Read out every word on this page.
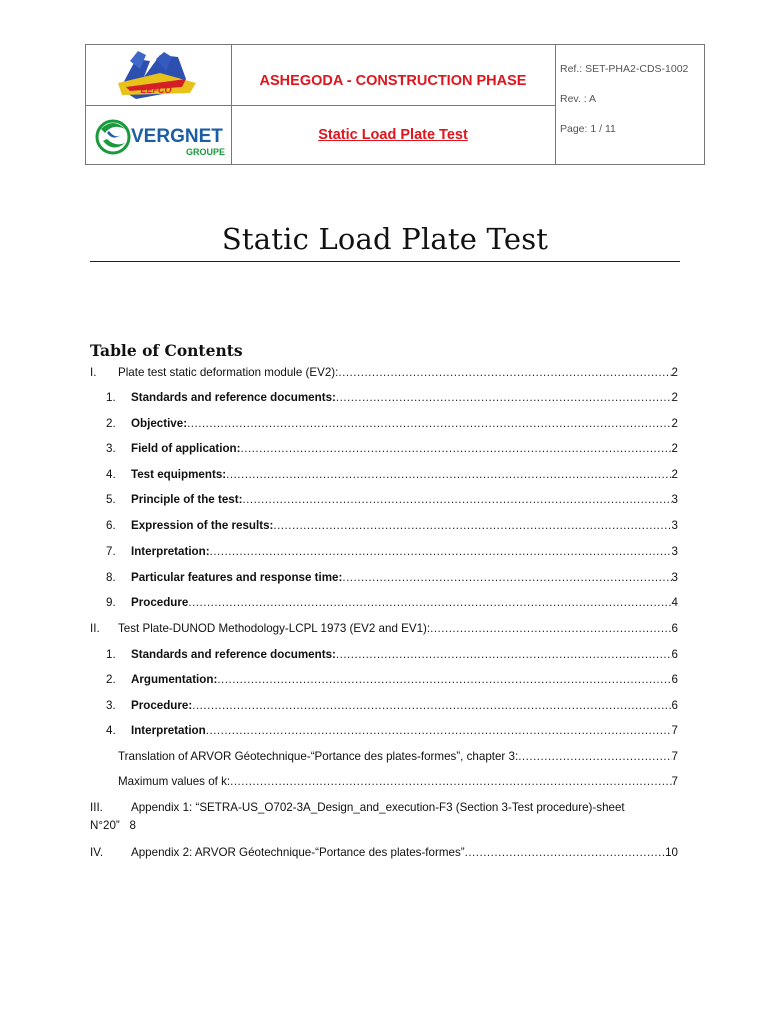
EEFCO
VERGNET
GROUPE
ASHEGODA - CONSTRUCTION PHASE
Static Load Plate Test
Ref.: SET-PHA2-CDS-1002
Rev. : A
Page: 1 / 11
Static Load Plate Test
Table of Contents
I. Plate test static deformation module (EV2): .....	2
1. Standards and reference documents: .....	2
2. Objective: .....	2
3. Field of application: .....	2
4. Test equipments: .....	2
5. Principle of the test: .....	3
6. Expression of the results: .....	3
7. Interpretation: .....	3
8. Particular features and response time: .....	3
9. Procedure .....	4
II. Test Plate-DUNOD Methodology-LCPL 1973 (EV2 and EV1): .....	6
1. Standards and reference documents: .....	6
2. Argumentation: .....	6
3. Procedure: .....	6
4. Interpretation .....	7
Translation of ARVOR Géotechnique-“Portance des plates-formes”, chapter 3: .....	7
Maximum values of k: .....	7
III. Appendix 1: “SETRA-US_O702-3A_Design_and_execution-F3 (Section 3-Test procedure)-sheet
N°20” 8
IV. Appendix 2: ARVOR Géotechnique-“Portance des plates-formes” .....	10
